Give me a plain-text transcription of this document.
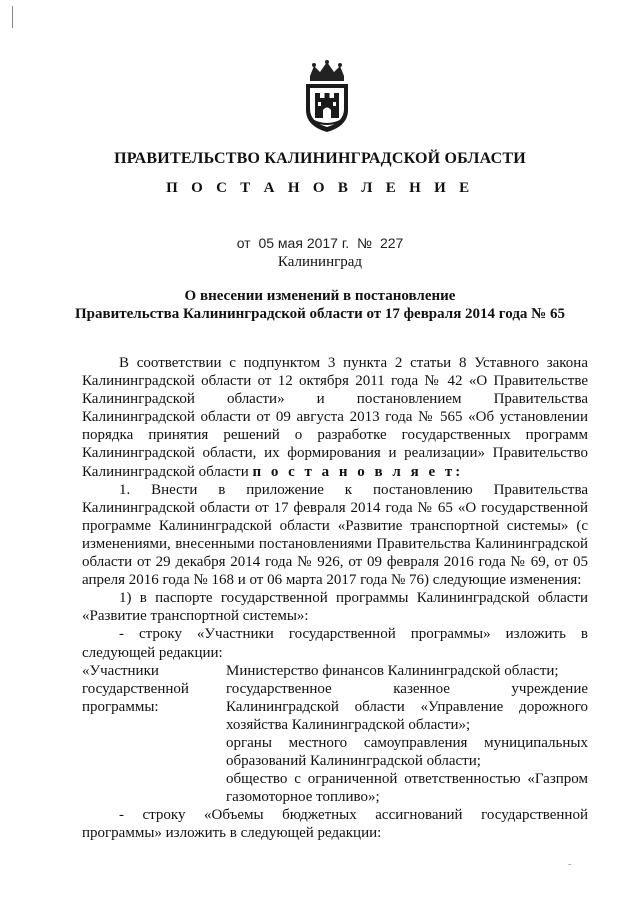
ПРАВИТЕЛЬСТВО КАЛИНИНГРАДСКОЙ ОБЛАСТИ
П О С Т А Н О В Л Е Н И Е
от 05 мая 2017 г. № 227
Калининград
О внесении изменений в постановление
Правительства Калининградской области от 17 февраля 2014 года № 65

В соответствии с подпунктом 3 пункта 2 статьи 8 Уставного закона Калининградской области от 12 октября 2011 года № 42 «О Правительстве Калининградской области» и постановлением Правительства Калининградской области от 09 августа 2013 года № 565 «Об установлении порядка принятия решений о разработке государственных программ Калининградской области, их формирования и реализации» Правительство Калининградской области п о с т а н о в л я е т:

1. Внести в приложение к постановлению Правительства Калининградской области от 17 февраля 2014 года № 65 «О государственной программе Калининградской области «Развитие транспортной системы» (с изменениями, внесенными постановлениями Правительства Калининградской области от 29 декабря 2014 года № 926, от 09 февраля 2016 года № 69, от 05 апреля 2016 года № 168 и от 06 марта 2017 года № 76) следующие изменения:

1) в паспорте государственной программы Калининградской области «Развитие транспортной системы»:

- строку «Участники государственной программы» изложить в следующей редакции:

«Участники государственной программы:

Министерство финансов Калининградской области;

государственное казенное учреждение Калининградской области «Управление дорожного хозяйства Калининградской области»;

органы местного самоуправления муниципальных образований Калининградской области;

общество с ограниченной ответственностью «Газпром газомоторное топливо»;

- строку «Объемы бюджетных ассигнований государственной программы» изложить в следующей редакции:

-
